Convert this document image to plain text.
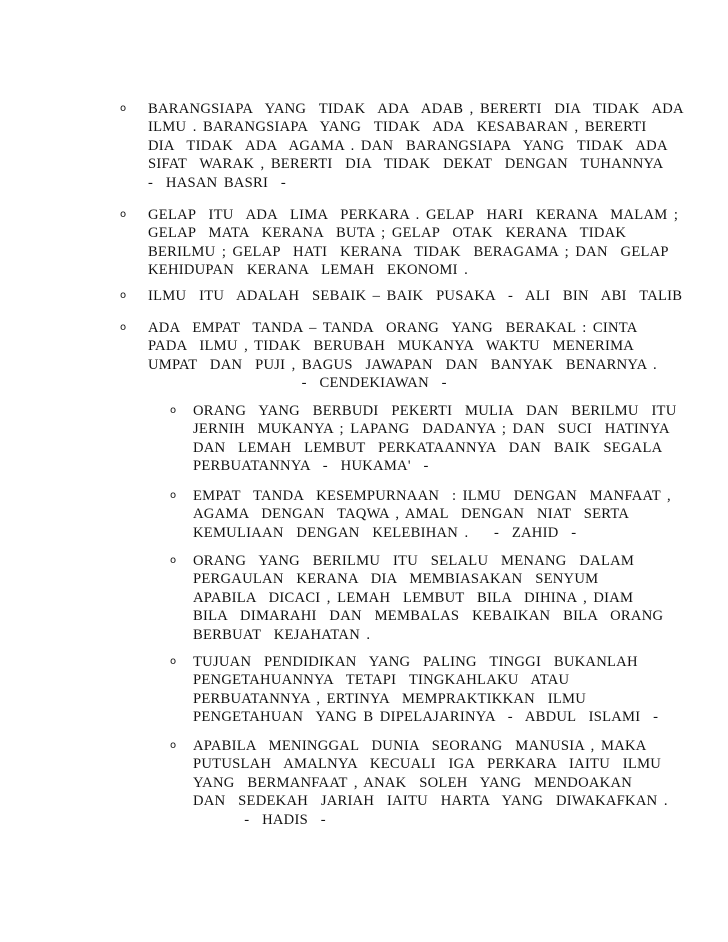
o BARANGSIAPA  YANG  TIDAK  ADA  ADAB , BERERTI  DIA  TIDAK  ADA
ILMU . BARANGSIAPA  YANG  TIDAK  ADA  KESABARAN , BERERTI
DIA  TIDAK  ADA  AGAMA . DAN  BARANGSIAPA  YANG  TIDAK  ADA
SIFAT  WARAK , BERERTI  DIA  TIDAK  DEKAT  DENGAN  TUHANNYA
-  HASAN BASRI  -
o GELAP  ITU  ADA  LIMA  PERKARA . GELAP  HARI  KERANA  MALAM ;
GELAP  MATA  KERANA  BUTA ; GELAP  OTAK  KERANA  TIDAK
BERILMU ; GELAP  HATI  KERANA  TIDAK  BERAGAMA ; DAN  GELAP
KEHIDUPAN  KERANA  LEMAH  EKONOMI .
o ILMU  ITU  ADALAH  SEBAIK – BAIK  PUSAKA  -  ALI  BIN  ABI  TALIB
o ADA  EMPAT  TANDA – TANDA  ORANG  YANG  BERAKAL : CINTA
PADA  ILMU , TIDAK  BERUBAH  MUKANYA  WAKTU  MENERIMA
UMPAT  DAN  PUJI , BAGUS  JAWAPAN  DAN  BANYAK  BENARNYA .
-  CENDEKIAWAN  -
o ORANG  YANG  BERBUDI  PEKERTI  MULIA  DAN  BERILMU  ITU
JERNIH  MUKANYA ; LAPANG  DADANYA ; DAN  SUCI  HATINYA
DAN  LEMAH  LEMBUT  PERKATAANNYA  DAN  BAIK  SEGALA
PERBUATANNYA  -  HUKAMA'  -
o EMPAT  TANDA  KESEMPURNAAN  : ILMU  DENGAN  MANFAAT ,
AGAMA  DENGAN  TAQWA , AMAL  DENGAN  NIAT  SERTA
KEMULIAAN  DENGAN  KELEBIHAN .    -  ZAHID  -
o ORANG  YANG  BERILMU  ITU  SELALU  MENANG  DALAM
PERGAULAN  KERANA  DIA  MEMBIASAKAN  SENYUM
APABILA  DICACI , LEMAH  LEMBUT  BILA  DIHINA , DIAM
BILA  DIMARAHI  DAN  MEMBALAS  KEBAIKAN  BILA  ORANG
BERBUAT  KEJAHATAN .
o TUJUAN  PENDIDIKAN  YANG  PALING  TINGGI  BUKANLAH
PENGETAHUANNYA  TETAPI  TINGKAHLAKU  ATAU
PERBUATANNYA , ERTINYA  MEMPRAKTIKKAN  ILMU
PENGETAHUAN  YANG B DIPELAJARINYA  -  ABDUL  ISLAMI  -
o APABILA  MENINGGAL  DUNIA  SEORANG  MANUSIA , MAKA
PUTUSLAH  AMALNYA  KECUALI  IGA  PERKARA  IAITU  ILMU
YANG  BERMANFAAT , ANAK  SOLEH  YANG  MENDOAKAN
DAN  SEDEKAH  JARIAH  IAITU  HARTA  YANG  DIWAKAFKAN .
-  HADIS  -
